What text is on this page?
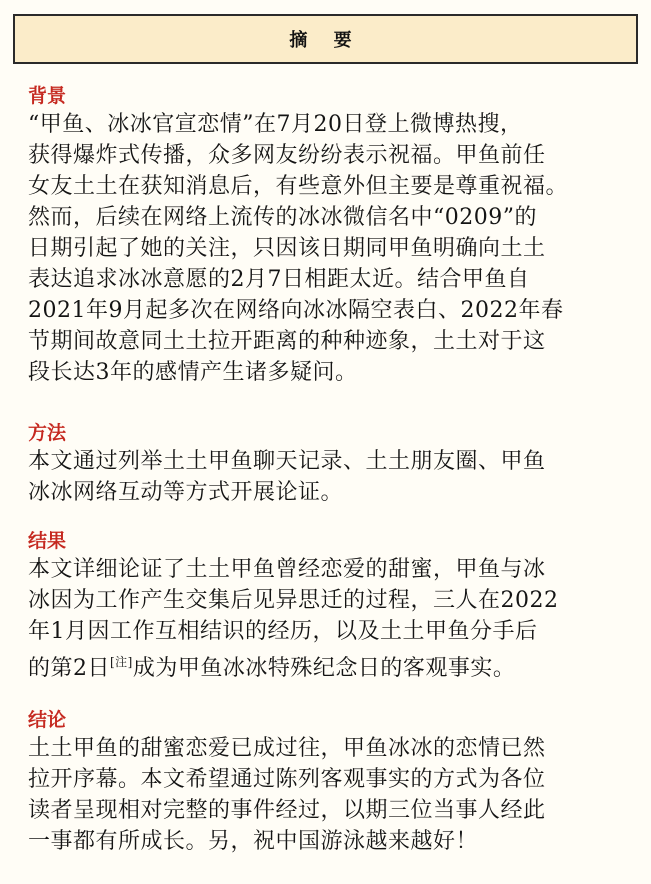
摘 要
背景

“甲鱼、冰冰官宣恋情”在7月20日登上微博热搜，
获得爆炸式传播，众多网友纷纷表示祝福。甲鱼前任
女友土土在获知消息后，有些意外但主要是尊重祝福。
然而，后续在网络上流传的冰冰微信名中“0209”的
日期引起了她的关注，只因该日期同甲鱼明确向土土
表达追求冰冰意愿的2月7日相距太近。结合甲鱼自
2021年9月起多次在网络向冰冰隔空表白、2022年春
节期间故意同土土拉开距离的种种迹象，土土对于这
段长达3年的感情产生诸多疑问。

方法

本文通过列举土土甲鱼聊天记录、土土朋友圈、甲鱼
冰冰网络互动等方式开展论证。

结果

本文详细论证了土土甲鱼曾经恋爱的甜蜜，甲鱼与冰
冰因为工作产生交集后见异思迁的过程，三人在2022
年1月因工作互相结识的经历，以及土土甲鱼分手后
的第2日[注]成为甲鱼冰冰特殊纪念日的客观事实。

结论

土土甲鱼的甜蜜恋爱已成过往，甲鱼冰冰的恋情已然
拉开序幕。本文希望通过陈列客观事实的方式为各位
读者呈现相对完整的事件经过，以期三位当事人经此
一事都有所成长。另，祝中国游泳越来越好！
